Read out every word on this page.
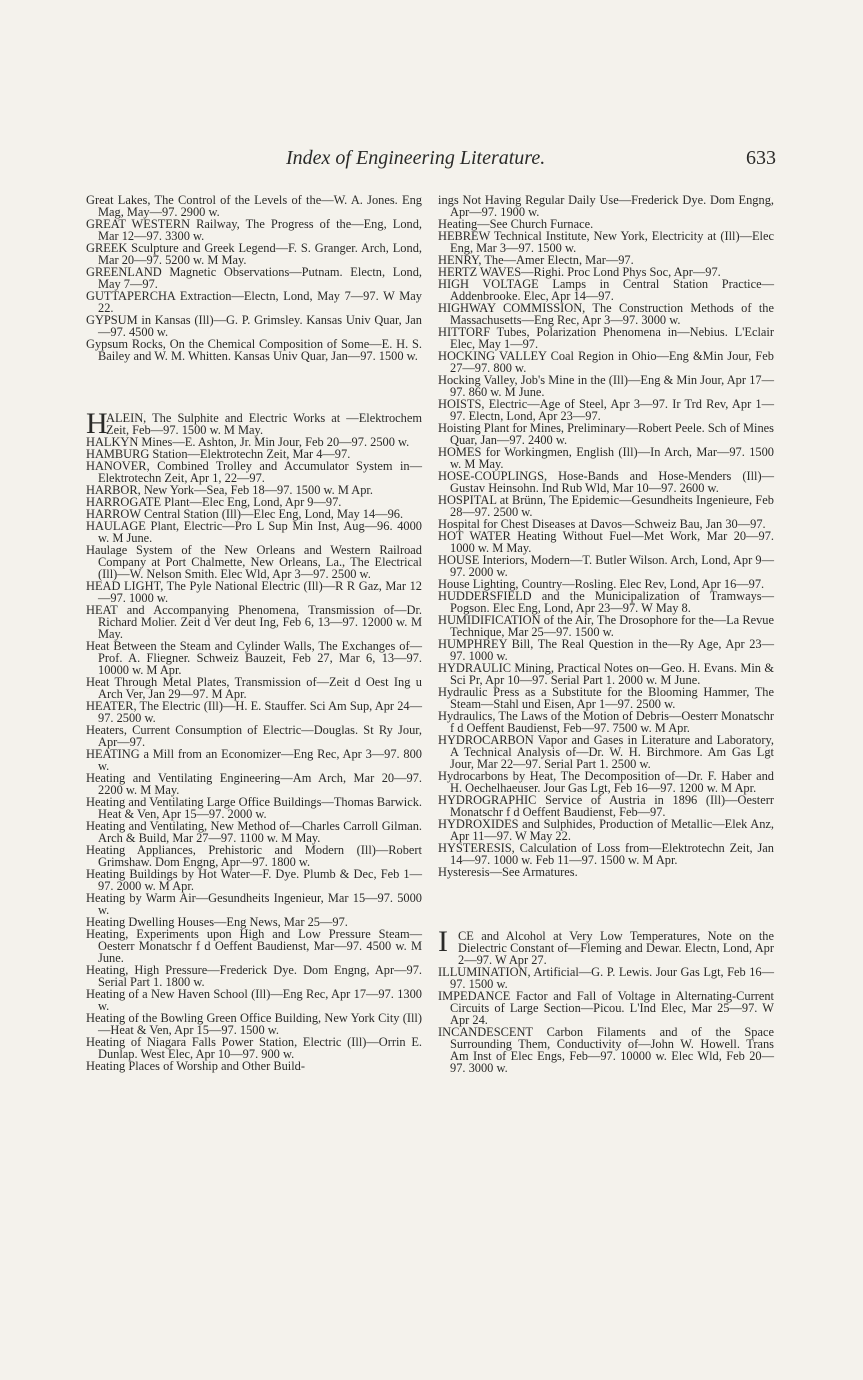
Index of Engineering Literature.	633

Great Lakes, The Control of the Levels of the—W. A. Jones. Eng Mag, May—97. 2900 w.

GREAT WESTERN Railway, The Progress of the—Eng, Lond, Mar 12—97. 3300 w.

GREEK Sculpture and Greek Legend—F. S. Granger. Arch, Lond, Mar 20—97. 5200 w. M May.

GREENLAND Magnetic Observations—Putnam. Electn, Lond, May 7—97.

GUTTAPERCHA Extraction—Electn, Lond, May 7—97. W May 22.

GYPSUM in Kansas (Ill)—G. P. Grimsley. Kansas Univ Quar, Jan—97. 4500 w.

Gypsum Rocks, On the Chemical Composition of Some—E. H. S. Bailey and W. M. Whitten. Kansas Univ Quar, Jan—97. 1500 w.

H
ALEIN, The Sulphite and Electric Works at —Elektrochem Zeit, Feb—97. 1500 w. M May.

HALKYN Mines—E. Ashton, Jr. Min Jour, Feb 20—97. 2500 w.

HAMBURG Station—Elektrotechn Zeit, Mar 4—97.

HANOVER, Combined Trolley and Accumulator System in—Elektrotechn Zeit, Apr 1, 22—97.

HARBOR, New York—Sea, Feb 18—97. 1500 w. M Apr.

HARROGATE Plant—Elec Eng, Lond, Apr 9—97.

HARROW Central Station (Ill)—Elec Eng, Lond, May 14—96.

HAULAGE Plant, Electric—Pro L Sup Min Inst, Aug—96. 4000 w. M June.

Haulage System of the New Orleans and Western Railroad Company at Port Chalmette, New Orleans, La., The Electrical (Ill)—W. Nelson Smith. Elec Wld, Apr 3—97. 2500 w.

HEAD LIGHT, The Pyle National Electric (Ill)—R R Gaz, Mar 12—97. 1000 w.

HEAT and Accompanying Phenomena, Transmission of—Dr. Richard Molier. Zeit d Ver deut Ing, Feb 6, 13—97. 12000 w. M May.

Heat Between the Steam and Cylinder Walls, The Exchanges of—Prof. A. Fliegner. Schweiz Bauzeit, Feb 27, Mar 6, 13—97. 10000 w. M Apr.

Heat Through Metal Plates, Transmission of—Zeit d Oest Ing u Arch Ver, Jan 29—97. M Apr.

HEATER, The Electric (Ill)—H. E. Stauffer. Sci Am Sup, Apr 24—97. 2500 w.

Heaters, Current Consumption of Electric—Douglas. St Ry Jour, Apr—97.

HEATING a Mill from an Economizer—Eng Rec, Apr 3—97. 800 w.

Heating and Ventilating Engineering—Am Arch, Mar 20—97. 2200 w. M May.

Heating and Ventilating Large Office Buildings—Thomas Barwick. Heat & Ven, Apr 15—97. 2000 w.

Heating and Ventilating, New Method of—Charles Carroll Gilman. Arch & Build, Mar 27—97. 1100 w. M May.

Heating Appliances, Prehistoric and Modern (Ill)—Robert Grimshaw. Dom Engng, Apr—97. 1800 w.

Heating Buildings by Hot Water—F. Dye. Plumb & Dec, Feb 1—97. 2000 w. M Apr.

Heating by Warm Air—Gesundheits Ingenieur, Mar 15—97. 5000 w.

Heating Dwelling Houses—Eng News, Mar 25—97.

Heating, Experiments upon High and Low Pressure Steam—Oesterr Monatschr f d Oeffent Baudienst, Mar—97. 4500 w. M June.

Heating, High Pressure—Frederick Dye. Dom Engng, Apr—97. Serial Part 1. 1800 w.

Heating of a New Haven School (Ill)—Eng Rec, Apr 17—97. 1300 w.

Heating of the Bowling Green Office Building, New York City (Ill)—Heat & Ven, Apr 15—97. 1500 w.

Heating of Niagara Falls Power Station, Electric (Ill)—Orrin E. Dunlap. West Elec, Apr 10—97. 900 w.

Heating Places of Worship and Other Build-

ings Not Having Regular Daily Use—Frederick Dye. Dom Engng, Apr—97. 1900 w.

Heating—See Church Furnace.

HEBREW Technical Institute, New York, Electricity at (Ill)—Elec Eng, Mar 3—97. 1500 w.

HENRY, The—Amer Electn, Mar—97.

HERTZ WAVES—Righi. Proc Lond Phys Soc, Apr—97.

HIGH VOLTAGE Lamps in Central Station Practice—Addenbrooke. Elec, Apr 14—97.

HIGHWAY COMMISSION, The Construction Methods of the Massachusetts—Eng Rec, Apr 3—97. 3000 w.

HITTORF Tubes, Polarization Phenomena in—Nebius. L'Eclair Elec, May 1—97.

HOCKING VALLEY Coal Region in Ohio—Eng &Min Jour, Feb 27—97. 800 w.

Hocking Valley, Job's Mine in the (Ill)—Eng & Min Jour, Apr 17—97. 860 w. M June.

HOISTS, Electric—Age of Steel, Apr 3—97. Ir Trd Rev, Apr 1—97. Electn, Lond, Apr 23—97.

Hoisting Plant for Mines, Preliminary—Robert Peele. Sch of Mines Quar, Jan—97. 2400 w.

HOMES for Workingmen, English (Ill)—In Arch, Mar—97. 1500 w. M May.

HOSE-COUPLINGS, Hose-Bands and Hose-Menders (Ill)—Gustav Heinsohn. Ind Rub Wld, Mar 10—97. 2600 w.

HOSPITAL at Brünn, The Epidemic—Gesundheits Ingenieure, Feb 28—97. 2500 w.

Hospital for Chest Diseases at Davos—Schweiz Bau, Jan 30—97.

HOT WATER Heating Without Fuel—Met Work, Mar 20—97. 1000 w. M May.

HOUSE Interiors, Modern—T. Butler Wilson. Arch, Lond, Apr 9—97. 2000 w.

House Lighting, Country—Rosling. Elec Rev, Lond, Apr 16—97.

HUDDERSFIELD and the Municipalization of Tramways—Pogson. Elec Eng, Lond, Apr 23—97. W May 8.

HUMIDIFICATION of the Air, The Drosophore for the—La Revue Technique, Mar 25—97. 1500 w.

HUMPHREY Bill, The Real Question in the—Ry Age, Apr 23—97. 1000 w.

HYDRAULIC Mining, Practical Notes on—Geo. H. Evans. Min & Sci Pr, Apr 10—97. Serial Part 1. 2000 w. M June.

Hydraulic Press as a Substitute for the Blooming Hammer, The Steam—Stahl und Eisen, Apr 1—97. 2500 w.

Hydraulics, The Laws of the Motion of Debris—Oesterr Monatschr f d Oeffent Baudienst, Feb—97. 7500 w. M Apr.

HYDROCARBON Vapor and Gases in Literature and Laboratory, A Technical Analysis of—Dr. W. H. Birchmore. Am Gas Lgt Jour, Mar 22—97. Serial Part 1. 2500 w.

Hydrocarbons by Heat, The Decomposition of—Dr. F. Haber and H. Oechelhaeuser. Jour Gas Lgt, Feb 16—97. 1200 w. M Apr.

HYDROGRAPHIC Service of Austria in 1896 (Ill)—Oesterr Monatschr f d Oeffent Baudienst, Feb—97.

HYDROXIDES and Sulphides, Production of Metallic—Elek Anz, Apr 11—97. W May 22.

HYSTERESIS, Calculation of Loss from—Elektrotechn Zeit, Jan 14—97. 1000 w. Feb 11—97. 1500 w. M Apr.

Hysteresis—See Armatures.

I CE and Alcohol at Very Low Temperatures, Note on the Dielectric Constant of—Fleming and Dewar. Electn, Lond, Apr 2—97. W Apr 27.

ILLUMINATION, Artificial—G. P. Lewis. Jour Gas Lgt, Feb 16—97. 1500 w.

IMPEDANCE Factor and Fall of Voltage in Alternating-Current Circuits of Large Section—Picou. L'Ind Elec, Mar 25—97. W Apr 24.

INCANDESCENT Carbon Filaments and of the Space Surrounding Them, Conductivity of—John W. Howell. Trans Am Inst of Elec Engs, Feb—97. 10000 w. Elec Wld, Feb 20—97. 3000 w.
